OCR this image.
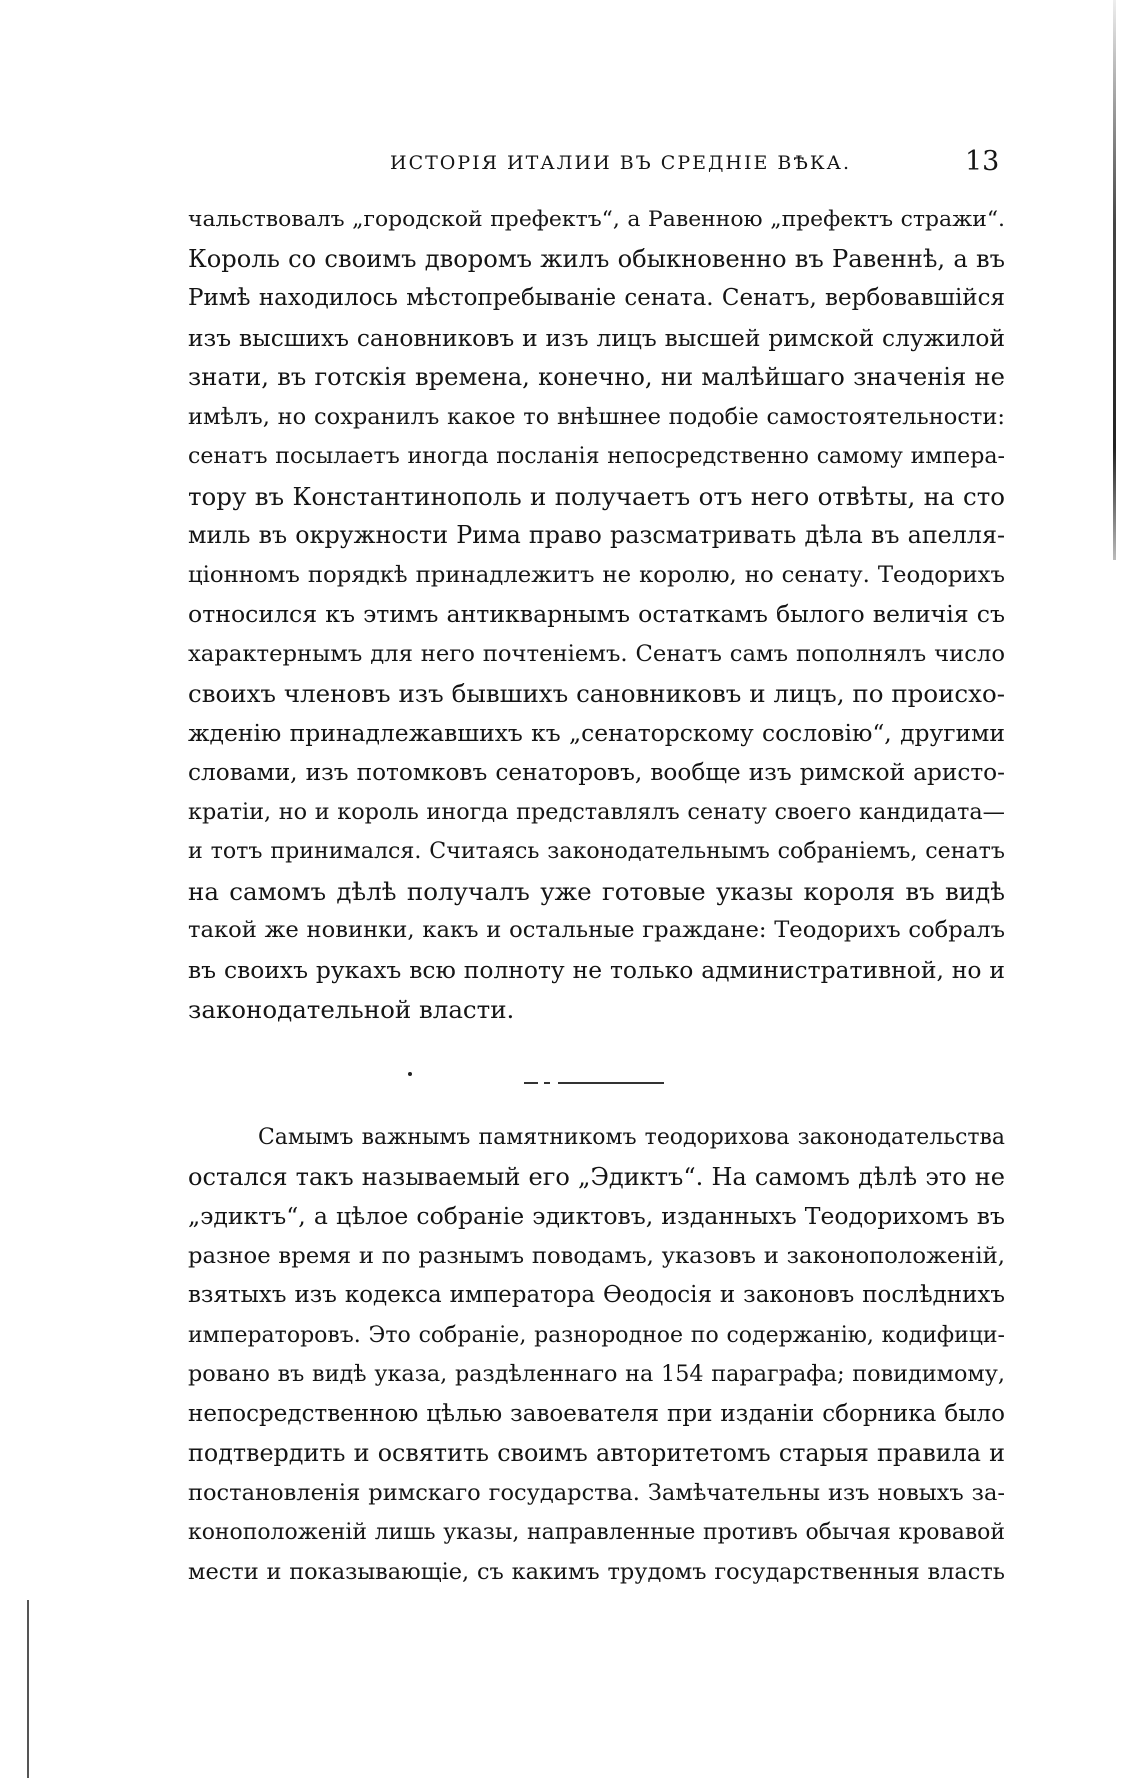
ИСТОРІЯ ИТАЛИИ ВЪ СРЕДНІЕ ВѢКА.	13
чальствовалъ „городской префектъ“, а Равенною „префектъ стражи“.
Король со своимъ дворомъ жилъ обыкновенно въ Равеннѣ, а въ
Римѣ находилось мѣстопребываніе сената. Сенатъ, вербовавшійся
изъ высшихъ сановниковъ и изъ лицъ высшей римской служилой
знати, въ готскія времена, конечно, ни малѣйшаго значенія не
имѣлъ, но сохранилъ какое то внѣшнее подобіе самостоятельности:
сенатъ посылаетъ иногда посланія непосредственно самому импера-
тору въ Константинополь и получаетъ отъ него отвѣты, на сто
миль въ окружности Рима право разсматривать дѣла въ апелля-
ціонномъ порядкѣ принадлежитъ не королю, но сенату. Теодорихъ
относился къ этимъ антикварнымъ остаткамъ былого величія съ
характернымъ для него почтеніемъ. Сенатъ самъ пополнялъ число
своихъ членовъ изъ бывшихъ сановниковъ и лицъ, по происхо-
жденію принадлежавшихъ къ „сенаторскому сословію“, другими
словами, изъ потомковъ сенаторовъ, вообще изъ римской аристо-
кратіи, но и король иногда представлялъ сенату своего кандидата—
и тотъ принимался. Считаясь законодательнымъ собраніемъ, сенатъ
на самомъ дѣлѣ получалъ уже готовые указы короля въ видѣ
такой же новинки, какъ и остальные граждане: Теодорихъ собралъ
въ своихъ рукахъ всю полноту не только административной, но и
законодательной власти.
Самымъ важнымъ памятникомъ теодорихова законодательства
остался такъ называемый его „Эдиктъ“. На самомъ дѣлѣ это не
„эдиктъ“, а цѣлое собраніе эдиктовъ, изданныхъ Теодорихомъ въ
разное время и по разнымъ поводамъ, указовъ и законоположеній,
взятыхъ изъ кодекса императора Ѳеодосія и законовъ послѣднихъ
императоровъ. Это собраніе, разнородное по содержанію, кодифици-
ровано въ видѣ указа, раздѣленнаго на 154 параграфа; повидимому,
непосредственною цѣлью завоевателя при изданіи сборника было
подтвердить и освятить своимъ авторитетомъ старыя правила и
постановленія римскаго государства. Замѣчательны изъ новыхъ за-
коноположеній лишь указы, направленные противъ обычая кровавой
мести и показывающіе, съ какимъ трудомъ государственныя власть
